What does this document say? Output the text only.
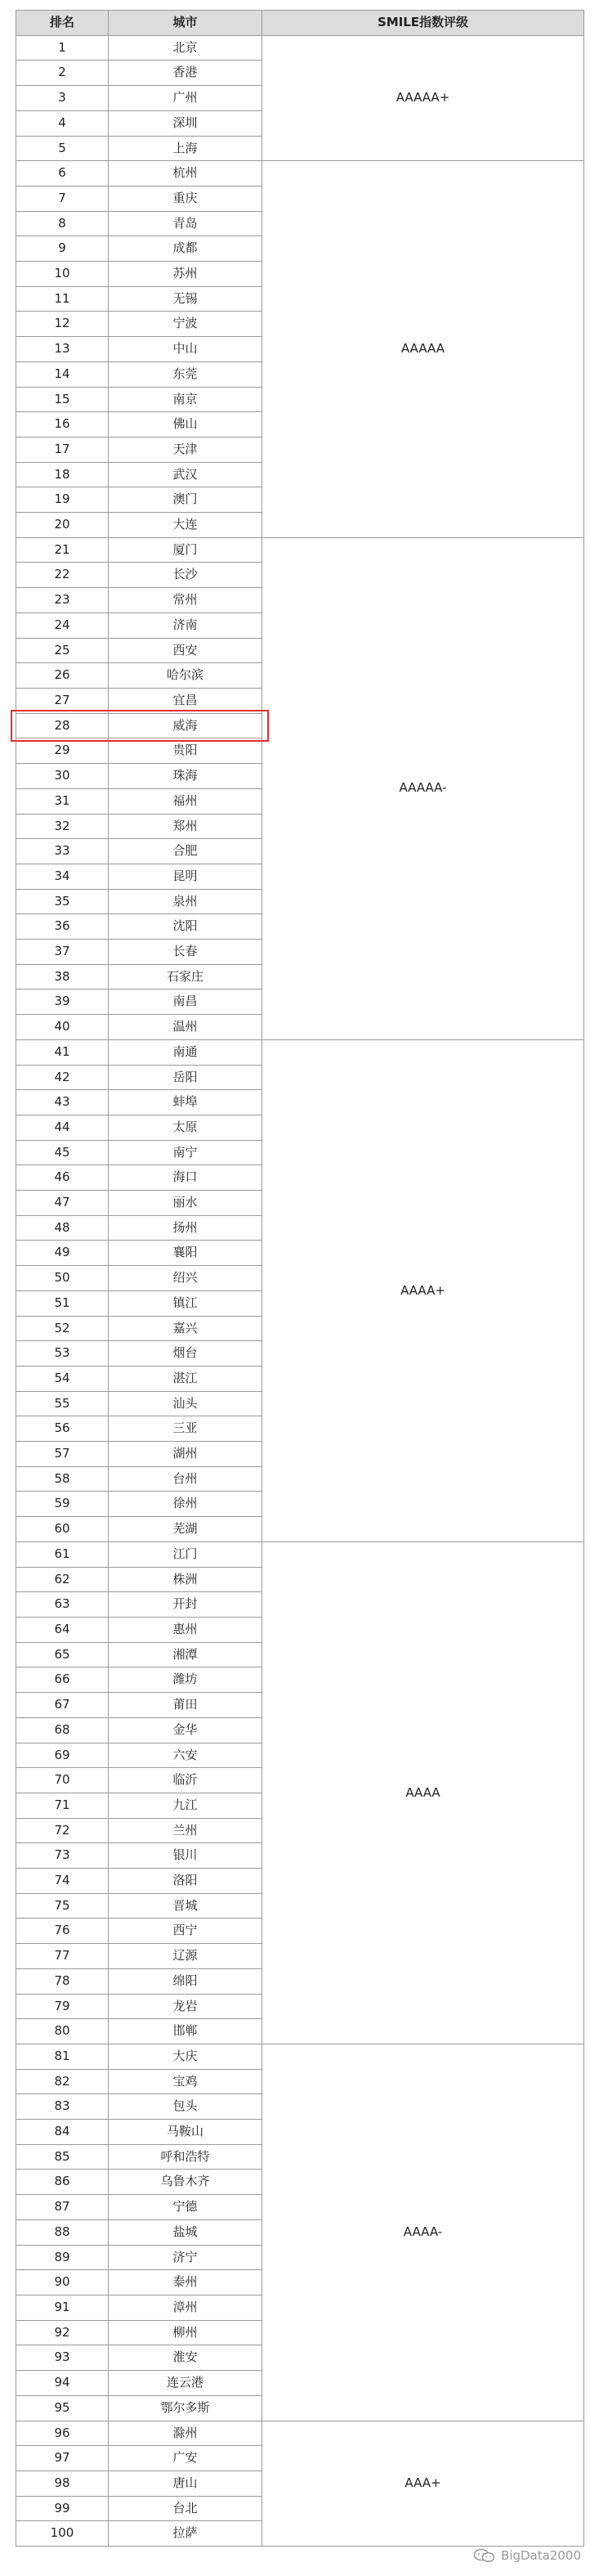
排名	城市	SMILE指数评级
1	北京	AAAAA+
2	香港	
3	广州	
4	深圳	
5	上海	
6	杭州	AAAAA
7	重庆	
8	青岛	
9	成都	
10	苏州	
11	无锡	
12	宁波	
13	中山	
14	东莞	
15	南京	
16	佛山	
17	天津	
18	武汉	
19	澳门	
20	大连	
21	厦门	AAAAA-
22	长沙	
23	常州	
24	济南	
25	西安	
26	哈尔滨	
27	宜昌	
28	威海	
29	贵阳	
30	珠海	
31	福州	
32	郑州	
33	合肥	
34	昆明	
35	泉州	
36	沈阳	
37	长春	
38	石家庄	
39	南昌	
40	温州	
41	南通	AAAA+
42	岳阳	
43	蚌埠	
44	太原	
45	南宁	
46	海口	
47	丽水	
48	扬州	
49	襄阳	
50	绍兴	
51	镇江	
52	嘉兴	
53	烟台	
54	湛江	
55	汕头	
56	三亚	
57	湖州	
58	台州	
59	徐州	
60	芜湖	
61	江门	AAAA
62	株洲	
63	开封	
64	惠州	
65	湘潭	
66	潍坊	
67	莆田	
68	金华	
69	六安	
70	临沂	
71	九江	
72	兰州	
73	银川	
74	洛阳	
75	晋城	
76	西宁	
77	辽源	
78	绵阳	
79	龙岩	
80	邯郸	
81	大庆	AAAA-
82	宝鸡	
83	包头	
84	马鞍山	
85	呼和浩特	
86	乌鲁木齐	
87	宁德	
88	盐城	
89	济宁	
90	泰州	
91	漳州	
92	柳州	
93	淮安	
94	连云港	
95	鄂尔多斯	
96	滁州	AAA+
97	广安	
98	唐山	
99	台北	
100	拉萨	
BigData2000
